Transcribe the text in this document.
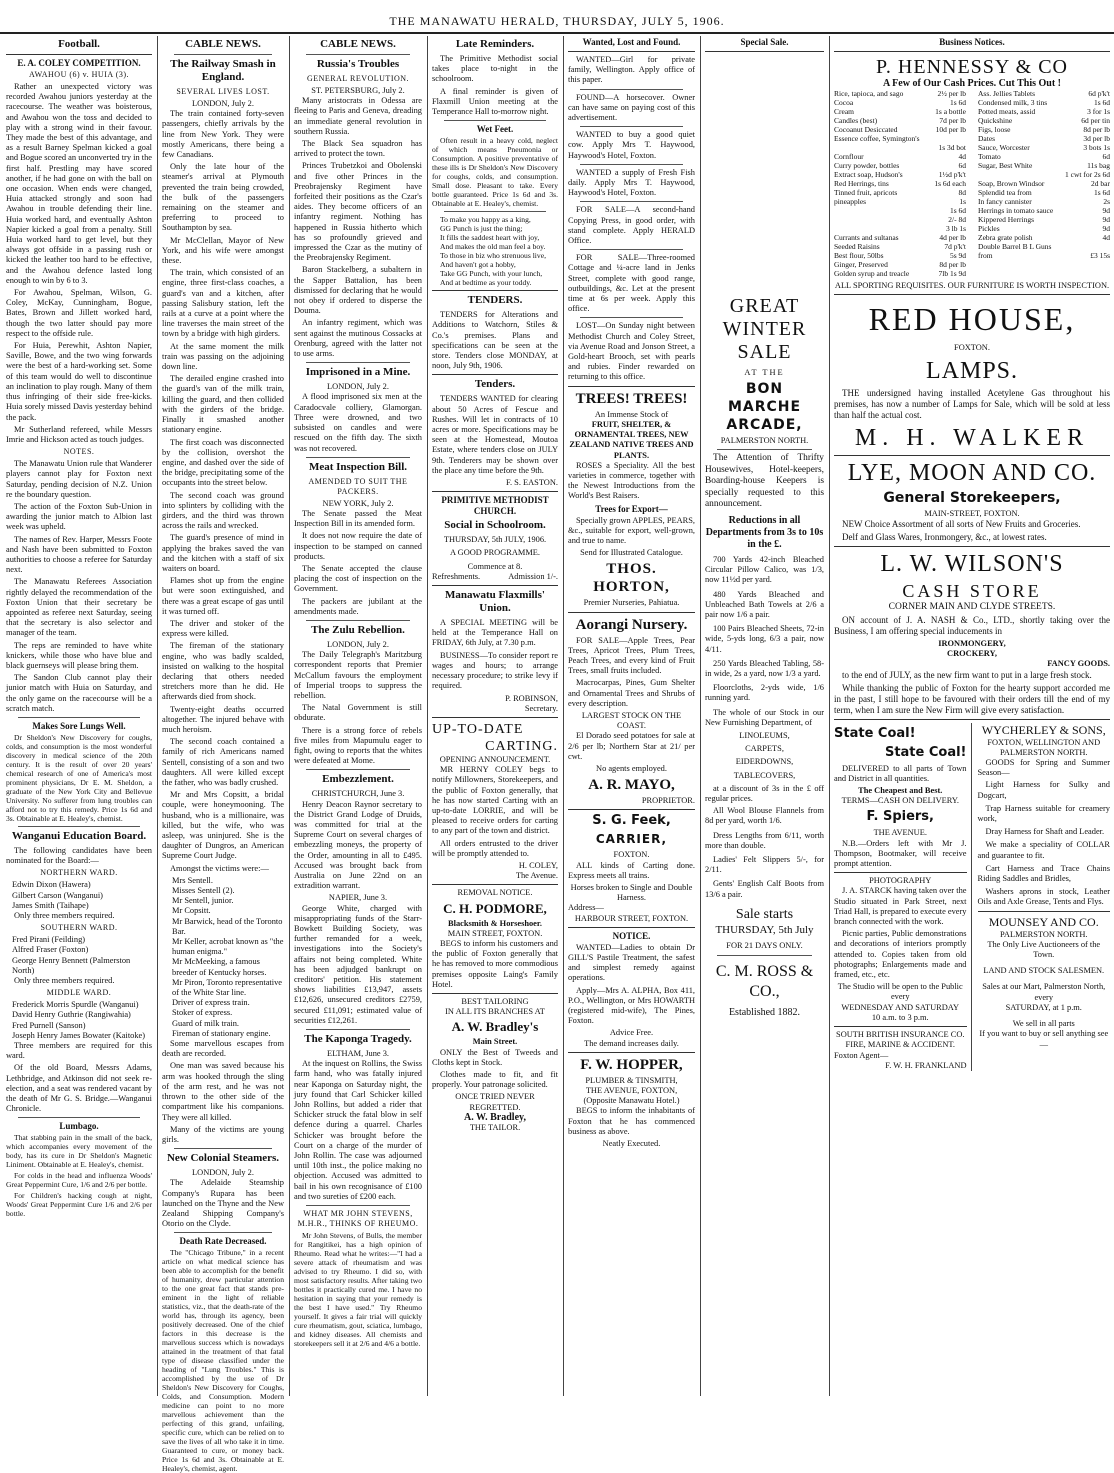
THE MANAWATU HERALD, THURSDAY, JULY 5, 1906.
Football.
E. A. COLEY COMPETITION.
AWAHOU (6) v. HUIA (3).
Rather an unexpected victory was recorded Awahou juniors yesterday at the racecourse. The weather was boisterous, and Awahou won the toss and decided to play with a strong wind in their favour. They made the best of this advantage, and as a result Barney Spelman kicked a goal and Bogue scored an unconverted try in the first half. Prestling may have scored another, if he had gone on with the ball on one occasion. When ends were changed, Huia attacked strongly and soon had Awahou in trouble defending their line. Huia worked hard, and eventually Ashton Napier kicked a goal from a penalty. Still Huia worked hard to get level, but they always got offside in a passing rush or kicked the leather too hard to be effective, and the Awahou defence lasted long enough to win by 6 to 3.
For Awahou, Spelman, Wilson, G. Coley, McKay, Cunningham, Bogue, Bates, Brown and Jillett worked hard, though the two latter should pay more respect to the offside rule.
For Huia, Perewhit, Ashton Napier, Saville, Bowe, and the two wing forwards were the best of a hard-working set. Some of this team would do well to discontinue an inclination to play rough. Many of them thus infringing of their side free-kicks. Huia sorely missed Davis yesterday behind the pack.
Mr Sutherland refereed, while Messrs Imrie and Hickson acted as touch judges.
NOTES.
The Manawatu Union rule that Wanderer players cannot play for Foxton next Saturday, pending decision of N.Z. Union re the boundary question.
The action of the Foxton Sub-Union in awarding the junior match to Albion last week was upheld.
The names of Rev. Harper, Messrs Foote and Nash have been submitted to Foxton authorities to choose a referee for Saturday next.
The Manawatu Referees Association rightly delayed the recommendation of the Foxton Union that their secretary be appointed as referee next Saturday, seeing that the secretary is also selector and manager of the team.
The reps are reminded to have white knickers, while those who have blue and black guernseys will please bring them.
The Sandon Club cannot play their junior match with Huia on Saturday, and the only game on the racecourse will be a scratch match.
Makes Sore Lungs Well.
Dr Sheldon's New Discovery for coughs, colds, and consumption is the most wonderful discovery in medical science of the 20th century. It is the result of over 20 years' chemical research of one of America's most prominent physicians, Dr E. M. Sheldon, a graduate of the New York City and Bellevue University. No sufferer from lung troubles can afford not to try this remedy. Price 1s 6d and 3s. Obtainable at E. Healey's, chemist.
Wanganui Education Board.
The following candidates have been nominated for the Board:—
NORTHERN WARD.
Edwin Dixon (Hawera)
Gilbert Carson (Wanganui)
James Smith (Taihape)
Only three members required.
SOUTHERN WARD.
Fred Pirani (Feilding)
Alfred Fraser (Foxton)
George Henry Bennett (Palmerston North)
Only three members required.
MIDDLE WARD.
Frederick Morris Spurdle (Wanganui)
David Henry Guthrie (Rangiwahia)
Fred Purnell (Sanson)
Joseph Henry James Bowater (Kaitoke)
Three members are required for this ward.
Of the old Board, Messrs Adams, Lethbridge, and Atkinson did not seek re-election, and a seat was rendered vacant by the death of Mr G. S. Bridge.—Wanganui Chronicle.
Lumbago.
That stabbing pain in the small of the back, which accompanies every movement of the body, has its cure in Dr Sheldon's Magnetic Liniment. Obtainable at E. Healey's, chemist.
For colds in the head and influenza Woods' Great Peppermint Cure, 1/6 and 2/6 per bottle.
For Children's hacking cough at night, Woods' Great Peppermint Cure 1/6 and 2/6 per bottle.
CABLE NEWS.
The Railway Smash in England.
SEVERAL LIVES LOST.
LONDON, July 2.
The train contained forty-seven passengers, chiefly arrivals by the line from New York. They were mostly Americans, there being a few Canadians.
Only the late hour of the steamer's arrival at Plymouth prevented the train being crowded, the bulk of the passengers remaining on the steamer and preferring to proceed to Southampton by sea.
Mr McClellan, Mayor of New York, and his wife were amongst these.
The train, which consisted of an engine, three first-class coaches, a guard's van and a kitchen, after passing Salisbury station, left the rails at a curve at a point where the line traverses the main street of the town by a bridge with high girders.
At the same moment the milk train was passing on the adjoining down line.
The derailed engine crashed into the guard's van of the milk train, killing the guard, and then collided with the girders of the bridge. Finally it smashed another stationary engine.
The first coach was disconnected by the collision, overshot the engine, and dashed over the side of the bridge, precipitating some of the occupants into the street below.
The second coach was ground into splinters by colliding with the girders, and the third was thrown across the rails and wrecked.
The guard's presence of mind in applying the brakes saved the van and the kitchen with a staff of six waiters on board.
Flames shot up from the engine but were soon extinguished, and there was a great escape of gas until it was turned off.
The driver and stoker of the express were killed.
The fireman of the stationary engine, who was badly scalded, insisted on walking to the hospital declaring that others needed stretchers more than he did. He afterwards died from shock.
Twenty-eight deaths occurred altogether. The injured behave with much heroism.
The second coach contained a family of rich Americans named Sentell, consisting of a son and two daughters. All were killed except the father, who was badly crushed.
Mr and Mrs Copsitt, a bridal couple, were honeymooning. The husband, who is a millionaire, was killed, but the wife, who was asleep, was uninjured. She is the daughter of Dungros, an American Supreme Court Judge.
Amongst the victims were:—
Mrs Sentell.
Misses Sentell (2).
Mr Sentell, junior.
Mr Copsitt.
Mr Barwick, head of the Toronto Bar.
Mr Keller, acrobat known as "the human enigma."
Mr McMeeking, a famous breeder of Kentucky horses.
Mr Piron, Toronto representative of the White Star line.
Driver of express train.
Stoker of express.
Guard of milk train.
Fireman of stationary engine.
Some marvellous escapes from death are recorded.
One man was saved because his arm was hooked through the sling of the arm rest, and he was not thrown to the other side of the compartment like his companions. They were all killed.
Many of the victims are young girls.
New Colonial Steamers.
LONDON, July 2.
The Adelaide Steamship Company's Rupara has been launched on the Thyne and the New Zealand Shipping Company's Otorio on the Clyde.
Death Rate Decreased.
The "Chicago Tribune," in a recent article on what medical science has been able to accomplish for the benefit of humanity, drew particular attention to the one great fact that stands pre-eminent in the light of reliable statistics, viz., that the death-rate of the world has, through its agency, been positively decreased. One of the chief factors in this decrease is the marvellous success which is nowadays attained in the treatment of that fatal type of disease classified under the heading of "Lung Troubles." This is accomplished by the use of Dr Sheldon's New Discovery for Coughs, Colds, and Consumption. Modern medicine can point to no more marvellous achievement than the perfecting of this grand, unfailing, specific cure, which can be relied on to save the lives of all who take it in time. Guaranteed to cure, or money back. Price 1s 6d and 3s. Obtainable at E. Healey's, chemist, agent.
CABLE NEWS.
Russia's Troubles
GENERAL REVOLUTION.
ST. PETERSBURG, July 2.
Many aristocrats in Odessa are fleeing to Paris and Geneva, dreading an immediate general revolution in southern Russia.
The Black Sea squadron has arrived to protect the town.
Princes Trubetzkoi and Obolenski and five other Princes in the Preobrajensky Regiment have forfeited their positions as the Czar's aides. They become officers of an infantry regiment. Nothing has happened in Russia hitherto which has so profoundly grieved and impressed the Czar as the mutiny of the Preobrajensky Regiment.
Baron Stackelberg, a subaltern in the Sapper Battalion, has been dismissed for declaring that he would not obey if ordered to disperse the Douma.
An infantry regiment, which was sent against the mutinous Cossacks at Orenburg, agreed with the latter not to use arms.
Imprisoned in a Mine.
LONDON, July 2.
A flood imprisoned six men at the Caradocvale colliery, Glamorgan. Three were drowned, and two subsisted on candles and were rescued on the fifth day. The sixth was not recovered.
Meat Inspection Bill.
AMENDED TO SUIT THE PACKERS.
NEW YORK, July 2.
The Senate passed the Meat Inspection Bill in its amended form.
It does not now require the date of inspection to be stamped on canned products.
The Senate accepted the clause placing the cost of inspection on the Government.
The packers are jubilant at the amendments made.
The Zulu Rebellion.
LONDON, July 2.
The Daily Telegraph's Maritzburg correspondent reports that Premier McCallum favours the employment of Imperial troops to suppress the rebellion.
The Natal Government is still obdurate.
There is a strong force of rebels five miles from Mapumulu eager to fight, owing to reports that the whites were defeated at Mome.
Embezzlement.
CHRISTCHURCH, June 3.
Henry Deacon Raynor secretary to the District Grand Lodge of Druids, was committed for trial at the Supreme Court on several charges of embezzling moneys, the property of the Order, amounting in all to £495. Accused was brought back from Australia on June 22nd on an extradition warrant.
NAPIER, June 3.
George White, charged with misappropriating funds of the Starr-Bowkett Building Society, was further remanded for a week, investigations into the Society's affairs not being completed. White has been adjudged bankrupt on creditors' petition. His statement shows liabilities £13,947, assets £12,626, unsecured creditors £2759, secured £11,091; estimated value of securities £12,261.
The Kaponga Tragedy.
ELTHAM, June 3.
At the inquest on Rollins, the Swiss farm hand, who was fatally injured near Kaponga on Saturday night, the jury found that Carl Schicker killed John Rollins, but added a rider that Schicker struck the fatal blow in self defence during a quarrel. Charles Schicker was brought before the Court on a charge of the murder of John Rollin. The case was adjourned until 10th inst., the police making no objection. Accused was admitted to bail in his own recognisance of £100 and two sureties of £200 each.
WHAT MR JOHN STEVENS, M.H.R., THINKS OF RHEUMO.
Mr John Stevens, of Bulls, the member for Rangitikei, has a high opinion of Rheumo. Read what he writes:—"I had a severe attack of rheumatism and was advised to try Rheumo. I did so, with most satisfactory results. After taking two bottles it practically cured me. I have no hesitation in saying that your remedy is the best I have used." Try Rheumo yourself. It gives a fair trial will quickly cure rheumatism, gout, sciatica, lumbago, and kidney diseases. All chemists and storekeepers sell it at 2/6 and 4/6 a bottle.
Late Reminders.
The Primitive Methodist social takes place to-night in the schoolroom.
A final reminder is given of Flaxmill Union meeting at the Temperance Hall to-morrow night.
Wet Feet.
Often result in a heavy cold, neglect of which means Pneumonia or Consumption. A positive preventative of these ills is Dr Sheldon's New Discovery for coughs, colds, and consumption. Small dose. Pleasant to take. Every bottle guaranteed. Price 1s 6d and 3s. Obtainable at E. Healey's, chemist.
To make you happy as a king,
GG Punch is just the thing;
It fills the saddest heart with joy,
And makes the old man feel a boy.
To those in biz who strenuous live,
And haven't got a hobby,
Take GG Punch, with your lunch,
And at bedtime as your toddy.
TENDERS.
TENDERS for Alterations and Additions to Watchorn, Stiles & Co.'s premises. Plans and specifications can be seen at the store. Tenders close MONDAY, at noon, July 9th, 1906.
Tenders.
TENDERS WANTED for clearing about 50 Acres of Fescue and Rushes. Will let in contracts of 10 acres or more. Specifications may be seen at the Homestead, Moutoa Estate, where tenders close on JULY 9th. Tenderers may be shown over the place any time before the 9th.
F. S. EASTON.
PRIMITIVE METHODIST CHURCH.
Social in Schoolroom.
THURSDAY, 5th JULY, 1906.
A GOOD PROGRAMME.
Commence at 8.
Refreshments.	Admission 1/-.
Manawatu Flaxmills' Union.
A SPECIAL MEETING will be held at the Temperance Hall on FRIDAY, 6th July, at 7.30 p.m.
BUSINESS—To consider report re wages and hours; to arrange necessary procedure; to strike levy if required.
P. ROBINSON,
Secretary.
UP-TO-DATE
CARTING.
OPENING ANNOUNCEMENT.
MR HERNY COLEY begs to notify Millowners, Storekeepers, and the public of Foxton generally, that he has now started Carting with an up-to-date LORRIE, and will be pleased to receive orders for carting to any part of the town and district.
All orders entrusted to the driver will be promptly attended to.
H. COLEY,
The Avenue.
REMOVAL NOTICE.
C. H. PODMORE,
Blacksmith & Horseshoer.
MAIN STREET, FOXTON.
BEGS to inform his customers and the public of Foxton generally that he has removed to more commodious premises opposite Laing's Family Hotel.
BEST TAILORING
IN ALL ITS BRANCHES AT
A. W. Bradley's
Main Street.
ONLY the Best of Tweeds and Cloths kept in Stock.
Clothes made to fit, and fit properly. Your patronage solicited.
ONCE TRIED NEVER REGRETTED.
A. W. Bradley,
THE TAILOR.
Wanted, Lost and Found.
WANTED—Girl for private family, Wellington. Apply office of this paper.
FOUND—A horsecover. Owner can have same on paying cost of this advertisement.
WANTED to buy a good quiet cow. Apply Mrs T. Haywood, Haywood's Hotel, Foxton.
WANTED a supply of Fresh Fish daily. Apply Mrs T. Haywood, Haywood's Hotel, Foxton.
FOR SALE—A second-hand Copying Press, in good order, with stand complete. Apply HERALD Office.
FOR SALE—Three-roomed Cottage and ¼-acre land in Jenks Street, complete with good range, outbuildings, &c. Let at the present time at 6s per week. Apply this office.
LOST—On Sunday night between Methodist Church and Coley Street, via Avenue Road and Jonson Street, a Gold-heart Brooch, set with pearls and rubies. Finder rewarded on returning to this office.
TREES! TREES!
An Immense Stock of
FRUIT, SHELTER, & ORNAMENTAL TREES, NEW ZEALAND NATIVE TREES AND PLANTS.
ROSES a Speciality. All the best varieties in commerce, together with the Newest Introductions from the World's Best Raisers.
Trees for Export—
Specially grown APPLES, PEARS, &c., suitable for export, well-grown, and true to name.
Send for Illustrated Catalogue.
THOS. HORTON,
Premier Nurseries, Pahiatua.
Aorangi Nursery.
FOR SALE—Apple Trees, Pear Trees, Apricot Trees, Plum Trees, Peach Trees, and every kind of Fruit Trees, small fruits included.
Macrocarpas, Pines, Gum Shelter and Ornamental Trees and Shrubs of every description.
LARGEST STOCK ON THE COAST.
El Dorado seed potatoes for sale at 2/6 per lb; Northern Star at 21/ per cwt.
No agents employed.
A. R. MAYO,
PROPRIETOR.
S. G. Feek,
CARRIER,
FOXTON.
ALL kinds of Carting done. Express meets all trains.
Horses broken to Single and Double Harness.
Address—
HARBOUR STREET, FOXTON.
NOTICE.
WANTED—Ladies to obtain Dr GILL'S Pastile Treatment, the safest and simplest remedy against operations.
Apply—Mrs A. ALPHA, Box 411, P.O., Wellington, or Mrs HOWARTH (registered mid-wife), The Pines, Foxton.
Advice Free.
The demand increases daily.
F. W. HOPPER,
PLUMBER & TINSMITH,
THE AVENUE, FOXTON,
(Opposite Manawatu Hotel.)
BEGS to inform the inhabitants of Foxton that he has commenced business as above.
Neatly Executed.
Special Sale.
GREAT WINTER SALE
AT THE
BON
MARCHE
ARCADE,
PALMERSTON NORTH.
The Attention of Thrifty Housewives, Hotel-keepers, Boarding-house Keepers is specially requested to this announcement.
Reductions in all Departments from 3s to 10s in the £.
700 Yards 42-inch Bleached Circular Pillow Calico, was 1/3, now 11½d per yard.
480 Yards Bleached and Unbleached Bath Towels at 2/6 a pair now 1/6 a pair.
100 Pairs Bleached Sheets, 72-in wide, 5-yds long, 6/3 a pair, now 4/11.
250 Yards Bleached Tabling, 58-in wide, 2s a yard, now 1/3 a yard.
Floorcloths, 2-yds wide, 1/6 running yard.
The whole of our Stock in our New Furnishing Department, of
LINOLEUMS,
CARPETS,
EIDERDOWNS,
TABLECOVERS,
at a discount of 3s in the £ off regular prices.
All Wool Blouse Flannels from 8d per yard, worth 1/6.
Dress Lengths from 6/11, worth more than double.
Ladies' Felt Slippers 5/-, for 2/11.
Gents' English Calf Boots from 13/6 a pair.
Sale starts
THURSDAY, 5th July
FOR 21 DAYS ONLY.
C. M. ROSS & CO.,
Established 1882.
Business Notices.
P. HENNESSY & CO
A Few of Our Cash Prices. Cut This Out !
Rice, tapioca, and sago	2½ per lb
Cocoa	1s 6d
Cream	1s a bottle
Candles (best)	7d per lb
Cocoanut Desiccated	10d per lb
Essence coffee, Symington's
1s 3d bot
Cornflour	4d
Curry powder, bottles	6d
Extract soap, Hudson's	1½d p'k't
Red Herrings, tins	1s 6d each
Tinned fruit, apricots	8d
pineapples	1s
1s 6d
2/- 8d
3 lb 1s
Currants and sultanas	4d per lb
Seeded Raisins	7d p'k't
Best flour, 50lbs	5s 9d
Ginger, Preserved	8d per lb
Golden syrup and treacle	7lb 1s 9d
Ass. Jellies Tablets	6d p'k't
Condensed milk, 3 tins	1s 6d
Potted meats, assid	3 for 1s
Quickshine	6d per tin
Figs, loose	8d per lb
Dates	3d per lb
Sauce, Worcester	3 bots 1s
Tomato	6d
Sugar, Best White	11s bag
1 cwt for 2s 6d
Soap, Brown Windsor	2d bar
Splendid tea from	1s 6d
In fancy cannister	2s
Herrings in tomato sauce	9d
Kippered Herrings	9d
Pickles	9d
Zebra grate polish	4d
Double Barrel B L Guns
from	£3 15s
ALL SPORTING REQUISITES. OUR FURNITURE IS WORTH INSPECTION.
RED HOUSE,
FOXTON.
LAMPS.
THE undersigned having installed Acetylene Gas throughout his premises, has now a number of Lamps for Sale, which will be sold at less than half the actual cost.
M. H. WALKER
LYE, MOON AND CO.
General Storekeepers,
MAIN-STREET, FOXTON.
NEW Choice Assortment of all sorts of New Fruits and Groceries.
Delf and Glass Wares, Ironmongery, &c., at lowest rates.
L. W. WILSON'S
CASH STORE
CORNER MAIN AND CLYDE STREETS.
ON account of J. A. NASH & Co., LTD., shortly taking over the Business, I am offering special inducements in
IRONMONGERY,
CROCKERY,
FANCY GOODS.
to the end of JULY, as the new firm want to put in a large fresh stock.
While thanking the public of Foxton for the hearty support accorded me in the past, I still hope to be favoured with their orders till the end of my term, when I am sure the New Firm will give every satisfaction.
State Coal!
State Coal!
DELIVERED to all parts of Town and District in all quantities.
The Cheapest and Best.
TERMS—CASH ON DELIVERY.
F. Spiers,
THE AVENUE.
N.B.—Orders left with Mr J. Thompson, Bootmaker, will receive prompt attention.
PHOTOGRAPHY
J. A. STARCK having taken over the Studio situated in Park Street, next Triad Hall, is prepared to execute every branch connected with the work.
Picnic parties, Public demonstrations and decorations of interiors promptly attended to. Copies taken from old photographs; Enlargements made and framed, etc., etc.
The Studio will be open to the Public every
WEDNESDAY AND SATURDAY
10 a.m. to 3 p.m.
SOUTH BRITISH INSURANCE CO.
FIRE, MARINE & ACCIDENT.
Foxton Agent—
F. W. H. FRANKLAND
WYCHERLEY & SONS,
FOXTON, WELLINGTON AND PALMERSTON NORTH.
GOODS for Spring and Summer Season—
Light Harness for Sulky and Dogcart,
Trap Harness suitable for creamery work,
Dray Harness for Shaft and Leader.
We make a speciality of COLLAR and guarantee to fit.
Cart Harness and Trace Chains Riding Saddles and Bridles,
Washers aprons in stock, Leather Oils and Axle Grease, Tents and Flys.
MOUNSEY AND CO.
PALMERSTON NORTH.
The Only Live Auctioneers of the Town.
LAND AND STOCK SALESMEN.
Sales at our Mart, Palmerston North, every
SATURDAY, at 1 p.m.
We sell in all parts
If you want to buy or sell anything see—
